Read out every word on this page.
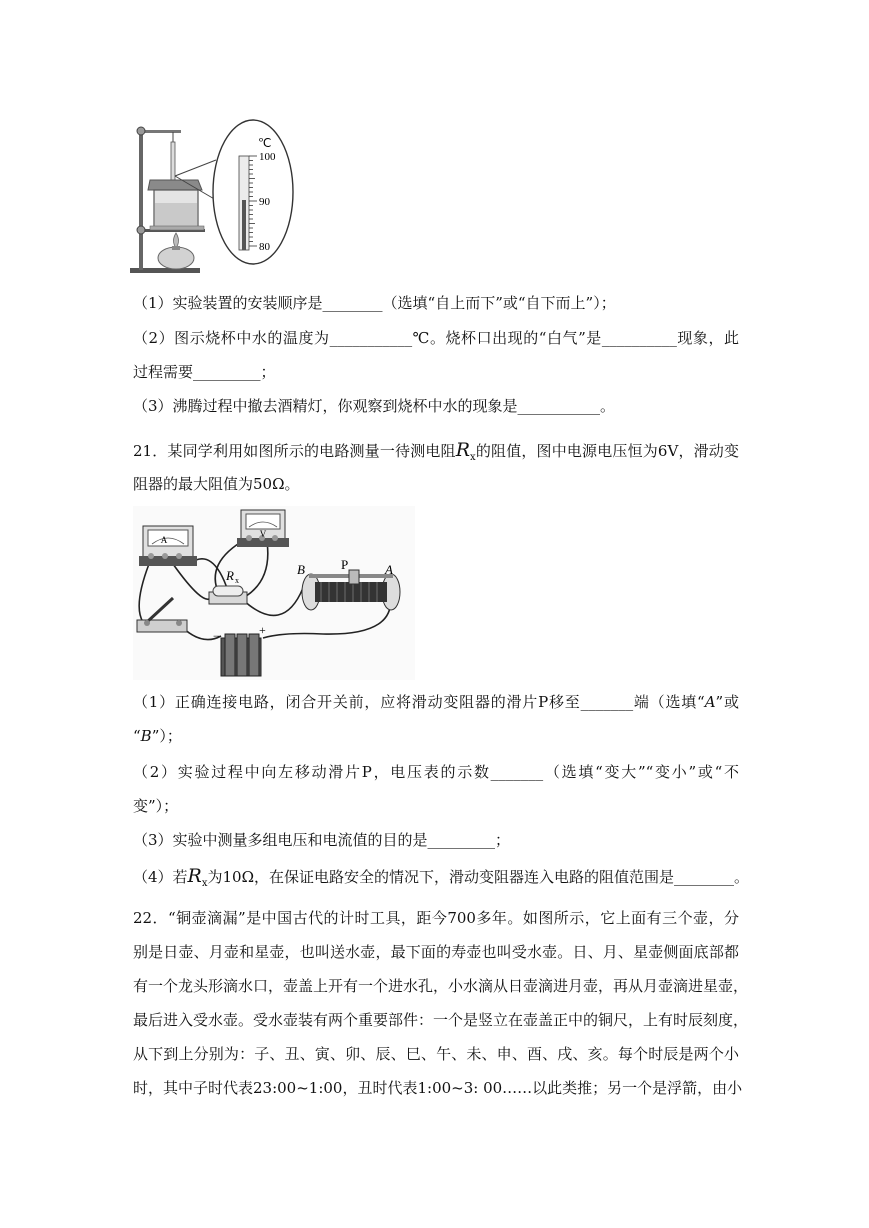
℃
100
90
80
（1）实验装置的安装顺序是________（选填“自上而下”或“自下而上”）；
（2）图示烧杯中水的温度为___________℃。烧杯口出现的“白气”是__________现象，此
过程需要_________；
（3）沸腾过程中撤去酒精灯，你观察到烧杯中水的现象是___________。
21．某同学利用如图所示的电路测量一待测电阻$R_x$的阻值，图中电源电压恒为6V，滑动变
阻器的最大阻值为50Ω。
A
V
R x
B	P	A
−	+
（1）正确连接电路，闭合开关前，应将滑动变阻器的滑片P移至_______端（选填“A”或
“B”）；
（2）实验过程中向左移动滑片P，电压表的示数_______（选填“变大”“变小”或“不
变”）；
（3）实验中测量多组电压和电流值的目的是_________；
（4）若$R_x$为10Ω，在保证电路安全的情况下，滑动变阻器连入电路的阻值范围是________。
22．“铜壶滴漏”是中国古代的计时工具，距今700多年。如图所示，它上面有三个壶，分
别是日壶、月壶和星壶，也叫送水壶，最下面的寿壶也叫受水壶。日、月、星壶侧面底部都
有一个龙头形滴水口，壶盖上开有一个进水孔，小水滴从日壶滴进月壶，再从月壶滴进星壶，
最后进入受水壶。受水壶装有两个重要部件：一个是竖立在壶盖正中的铜尺，上有时辰刻度，
从下到上分别为：子、丑、寅、卯、辰、巳、午、未、申、酉、戌、亥。每个时辰是两个小
时，其中子时代表23:00~1:00，丑时代表1:00~3: 00……以此类推；另一个是浮箭，由小
